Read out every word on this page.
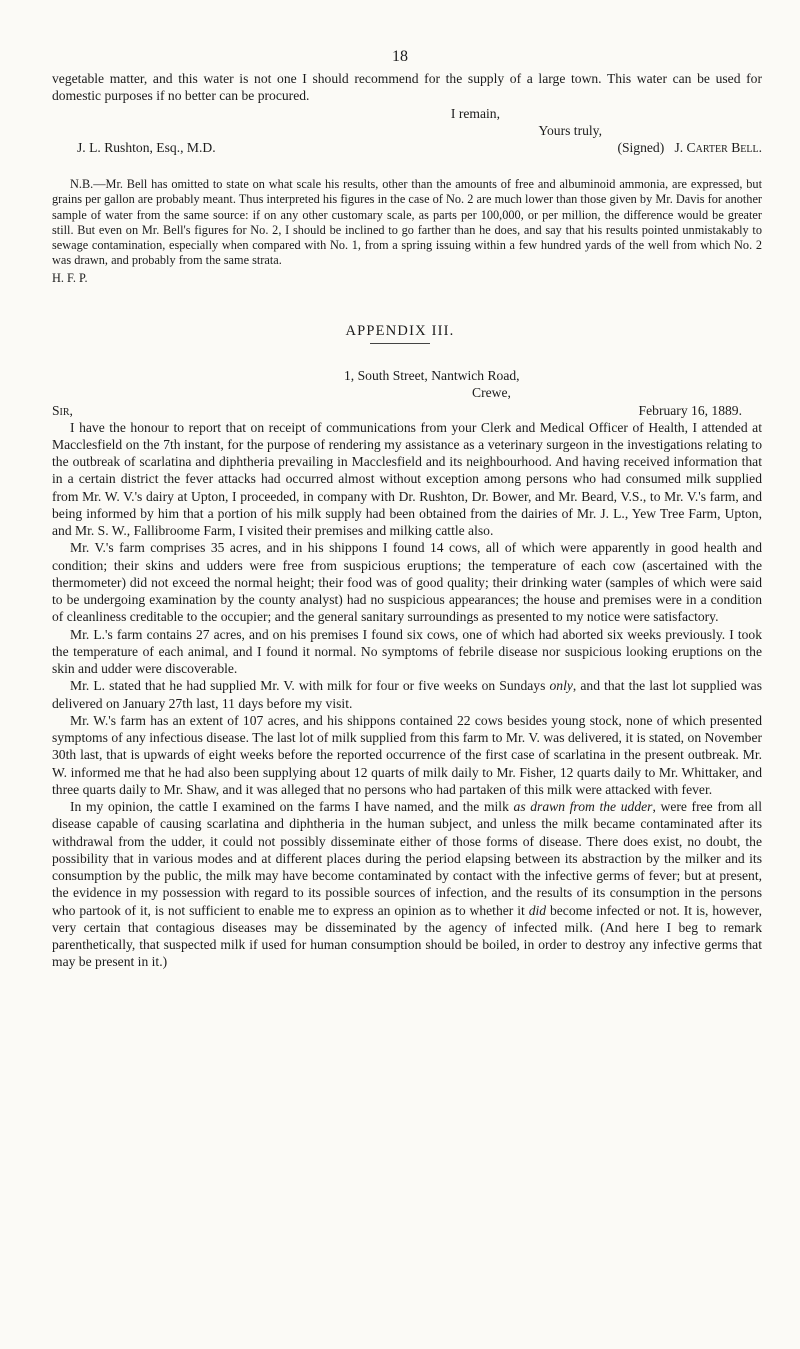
18

vegetable matter, and this water is not one I should recommend for the supply of a large town. This water can be used for domestic purposes if no better can be procured.

I remain,

Yours truly,

J. L. Rushton, Esq., M.D.	(Signed) J. Carter Bell.

N.B.—Mr. Bell has omitted to state on what scale his results, other than the amounts of free and albuminoid ammonia, are expressed, but grains per gallon are probably meant. Thus interpreted his figures in the case of No. 2 are much lower than those given by Mr. Davis for another sample of water from the same source: if on any other customary scale, as parts per 100,000, or per million, the difference would be greater still. But even on Mr. Bell's figures for No. 2, I should be inclined to go farther than he does, and say that his results pointed unmistakably to sewage contamination, especially when compared with No. 1, from a spring issuing within a few hundred yards of the well from which No. 2 was drawn, and probably from the same strata.

H. F. P.

APPENDIX III.

1, South Street, Nantwich Road,

Crewe,

Sir,	February 16, 1889.

I have the honour to report that on receipt of communications from your Clerk and Medical Officer of Health, I attended at Macclesfield on the 7th instant, for the purpose of rendering my assistance as a veterinary surgeon in the investigations relating to the outbreak of scarlatina and diphtheria prevailing in Macclesfield and its neighbourhood. And having received information that in a certain district the fever attacks had occurred almost without exception among persons who had consumed milk supplied from Mr. W. V.'s dairy at Upton, I proceeded, in company with Dr. Rushton, Dr. Bower, and Mr. Beard, V.S., to Mr. V.'s farm, and being informed by him that a portion of his milk supply had been obtained from the dairies of Mr. J. L., Yew Tree Farm, Upton, and Mr. S. W., Fallibroome Farm, I visited their premises and milking cattle also.

Mr. V.'s farm comprises 35 acres, and in his shippons I found 14 cows, all of which were apparently in good health and condition; their skins and udders were free from suspicious eruptions; the temperature of each cow (ascertained with the thermometer) did not exceed the normal height; their food was of good quality; their drinking water (samples of which were said to be undergoing examination by the county analyst) had no suspicious appearances; the house and premises were in a condition of cleanliness creditable to the occupier; and the general sanitary surroundings as presented to my notice were satisfactory.

Mr. L.'s farm contains 27 acres, and on his premises I found six cows, one of which had aborted six weeks previously. I took the temperature of each animal, and I found it normal. No symptoms of febrile disease nor suspicious looking eruptions on the skin and udder were discoverable.

Mr. L. stated that he had supplied Mr. V. with milk for four or five weeks on Sundays only, and that the last lot supplied was delivered on January 27th last, 11 days before my visit.

Mr. W.'s farm has an extent of 107 acres, and his shippons contained 22 cows besides young stock, none of which presented symptoms of any infectious disease. The last lot of milk supplied from this farm to Mr. V. was delivered, it is stated, on November 30th last, that is upwards of eight weeks before the reported occurrence of the first case of scarlatina in the present outbreak. Mr. W. informed me that he had also been supplying about 12 quarts of milk daily to Mr. Fisher, 12 quarts daily to Mr. Whittaker, and three quarts daily to Mr. Shaw, and it was alleged that no persons who had partaken of this milk were attacked with fever.

In my opinion, the cattle I examined on the farms I have named, and the milk as drawn from the udder, were free from all disease capable of causing scarlatina and diphtheria in the human subject, and unless the milk became contaminated after its withdrawal from the udder, it could not possibly disseminate either of those forms of disease. There does exist, no doubt, the possibility that in various modes and at different places during the period elapsing between its abstraction by the milker and its consumption by the public, the milk may have become contaminated by contact with the infective germs of fever; but at present, the evidence in my possession with regard to its possible sources of infection, and the results of its consumption in the persons who partook of it, is not sufficient to enable me to express an opinion as to whether it did become infected or not. It is, however, very certain that contagious diseases may be disseminated by the agency of infected milk. (And here I beg to remark parenthetically, that suspected milk if used for human consumption should be boiled, in order to destroy any infective germs that may be present in it.)
